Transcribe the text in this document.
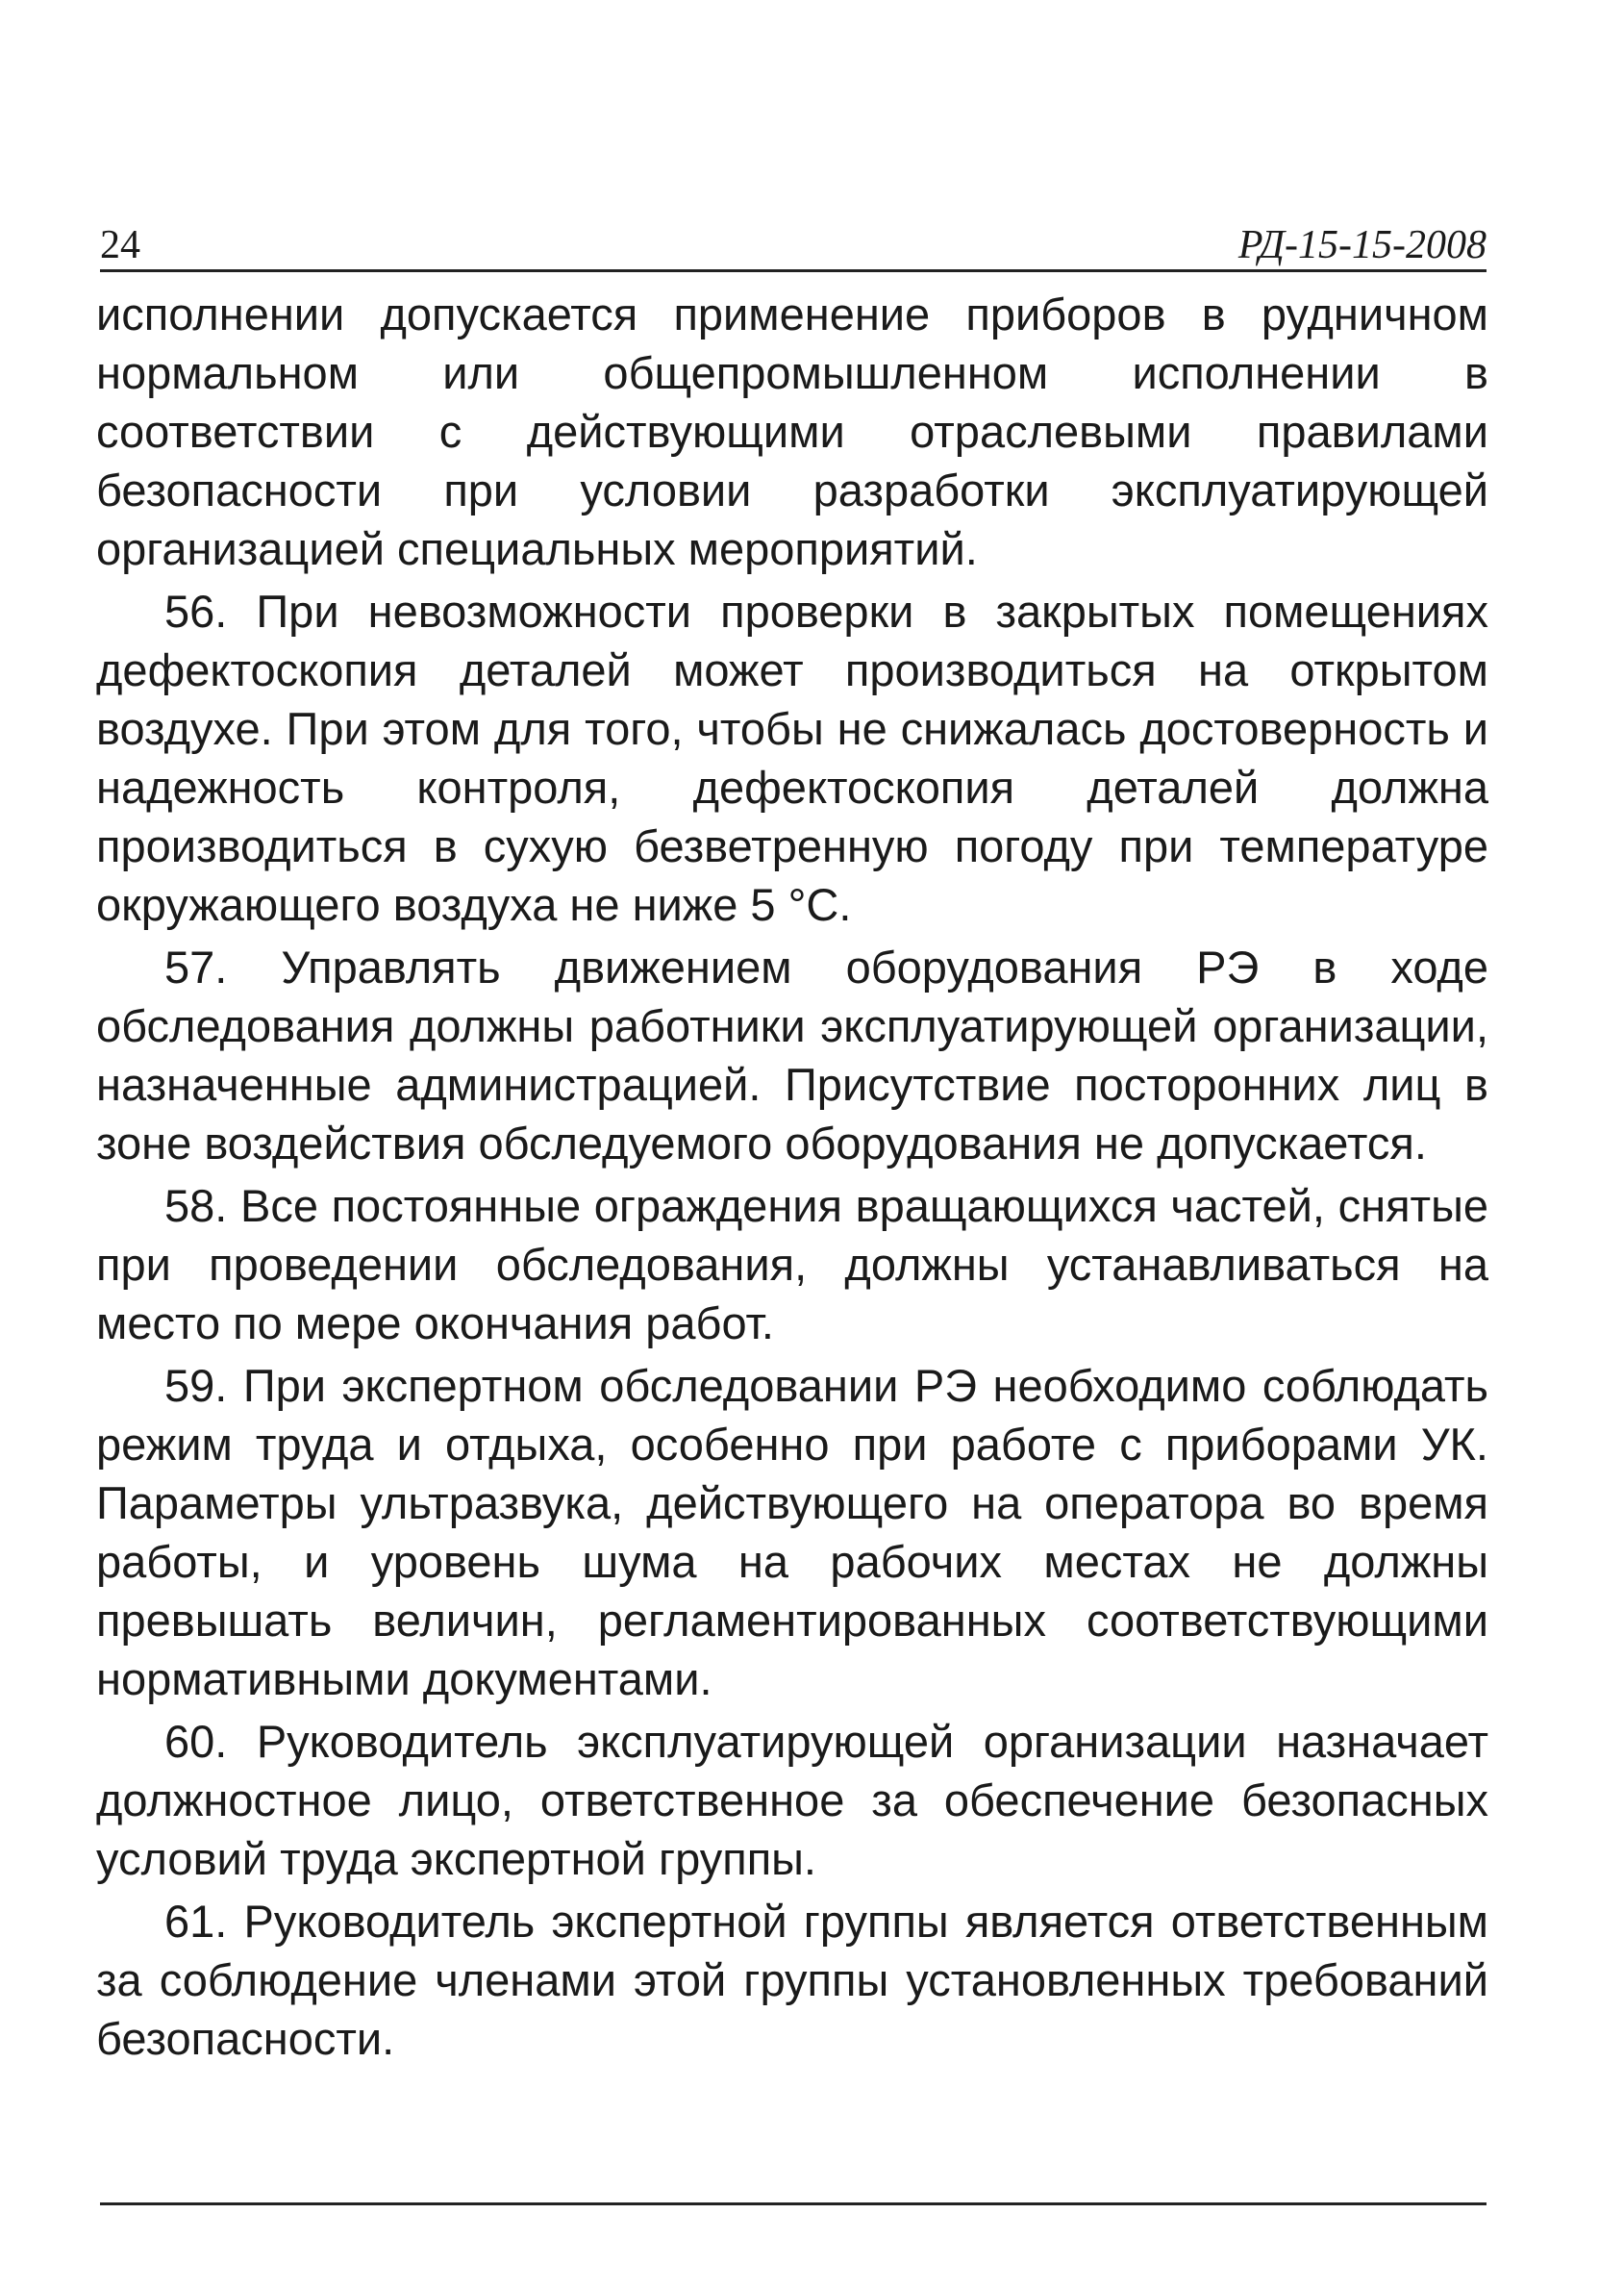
24	РД-15-15-2008

исполнении допускается применение приборов в рудничном нормальном или общепромышленном исполнении в соответствии с действующими отраслевыми правилами безопасности при условии разработки эксплуатирующей организацией специальных мероприятий.

56. При невозможности проверки в закрытых помещениях дефектоскопия деталей может производиться на открытом воздухе. При этом для того, чтобы не снижалась достоверность и надежность контроля, дефектоскопия деталей должна производиться в сухую безветренную погоду при температуре окружающего воздуха не ниже 5 °С.

57. Управлять движением оборудования РЭ в ходе обследования должны работники эксплуатирующей организации, назначенные администрацией. Присутствие посторонних лиц в зоне воздействия обследуемого оборудования не допускается.

58. Все постоянные ограждения вращающихся частей, снятые при проведении обследования, должны устанавливаться на место по мере окончания работ.

59. При экспертном обследовании РЭ необходимо соблюдать режим труда и отдыха, особенно при работе с приборами УК. Параметры ультразвука, действующего на оператора во время работы, и уровень шума на рабочих местах не должны превышать величин, регламентированных соответствующими нормативными документами.

60. Руководитель эксплуатирующей организации назначает должностное лицо, ответственное за обеспечение безопасных условий труда экспертной группы.

61. Руководитель экспертной группы является ответственным за соблюдение членами этой группы установленных требований безопасности.
